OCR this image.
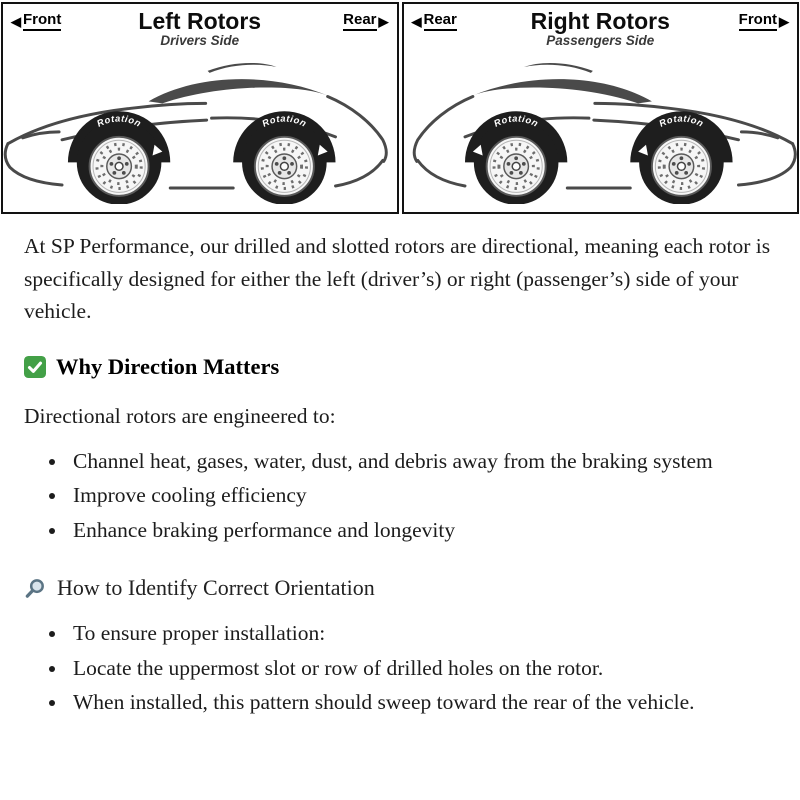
◀ Front	Left Rotors
Drivers Side
Rear ▶
Rotation	Rotation
◀ Rear	Right Rotors
Passengers Side
Front ▶
Rotation
Rotation

At SP Performance, our drilled and slotted rotors are directional, meaning each rotor is specifically designed for either the left (driver’s) or right (passenger’s) side of your vehicle.

Why Direction Matters

Directional rotors are engineered to:

• Channel heat, gases, water, dust, and debris away from the braking system
• Improve cooling efficiency
• Enhance braking performance and longevity
How to Identify Correct Orientation
• To ensure proper installation:
• Locate the uppermost slot or row of drilled holes on the rotor.
• When installed, this pattern should sweep toward the rear of the vehicle.
